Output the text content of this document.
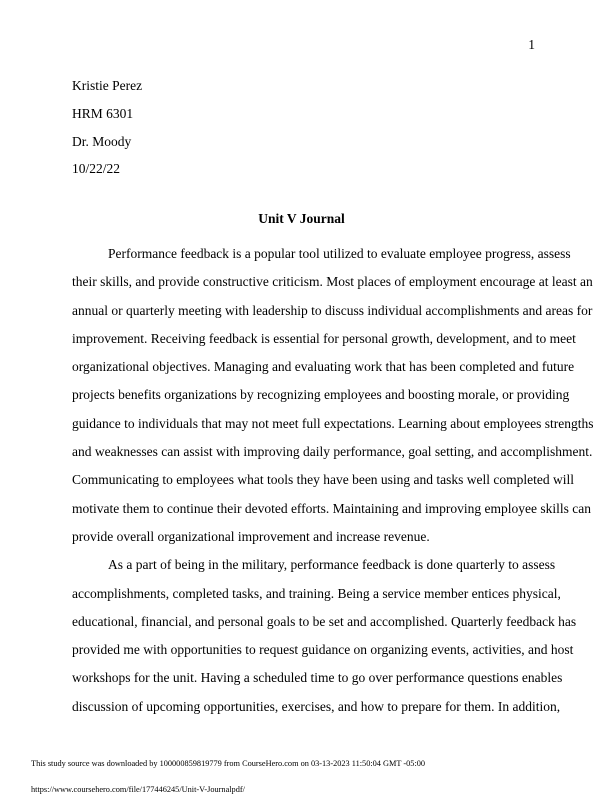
1
Kristie Perez
HRM 6301
Dr. Moody
10/22/22
Unit V Journal
Performance feedback is a popular tool utilized to evaluate employee progress, assess
their skills, and provide constructive criticism. Most places of employment encourage at least an
annual or quarterly meeting with leadership to discuss individual accomplishments and areas for
improvement. Receiving feedback is essential for personal growth, development, and to meet
organizational objectives. Managing and evaluating work that has been completed and future
projects benefits organizations by recognizing employees and boosting morale, or providing
guidance to individuals that may not meet full expectations. Learning about employees strengths
and weaknesses can assist with improving daily performance, goal setting, and accomplishment.
Communicating to employees what tools they have been using and tasks well completed will
motivate them to continue their devoted efforts. Maintaining and improving employee skills can
provide overall organizational improvement and increase revenue.
As a part of being in the military, performance feedback is done quarterly to assess
accomplishments, completed tasks, and training. Being a service member entices physical,
educational, financial, and personal goals to be set and accomplished. Quarterly feedback has
provided me with opportunities to request guidance on organizing events, activities, and host
workshops for the unit. Having a scheduled time to go over performance questions enables
discussion of upcoming opportunities, exercises, and how to prepare for them. In addition,
This study source was downloaded by 100000859819779 from CourseHero.com on 03-13-2023 11:50:04 GMT -05:00
https://www.coursehero.com/file/177446245/Unit-V-Journalpdf/
